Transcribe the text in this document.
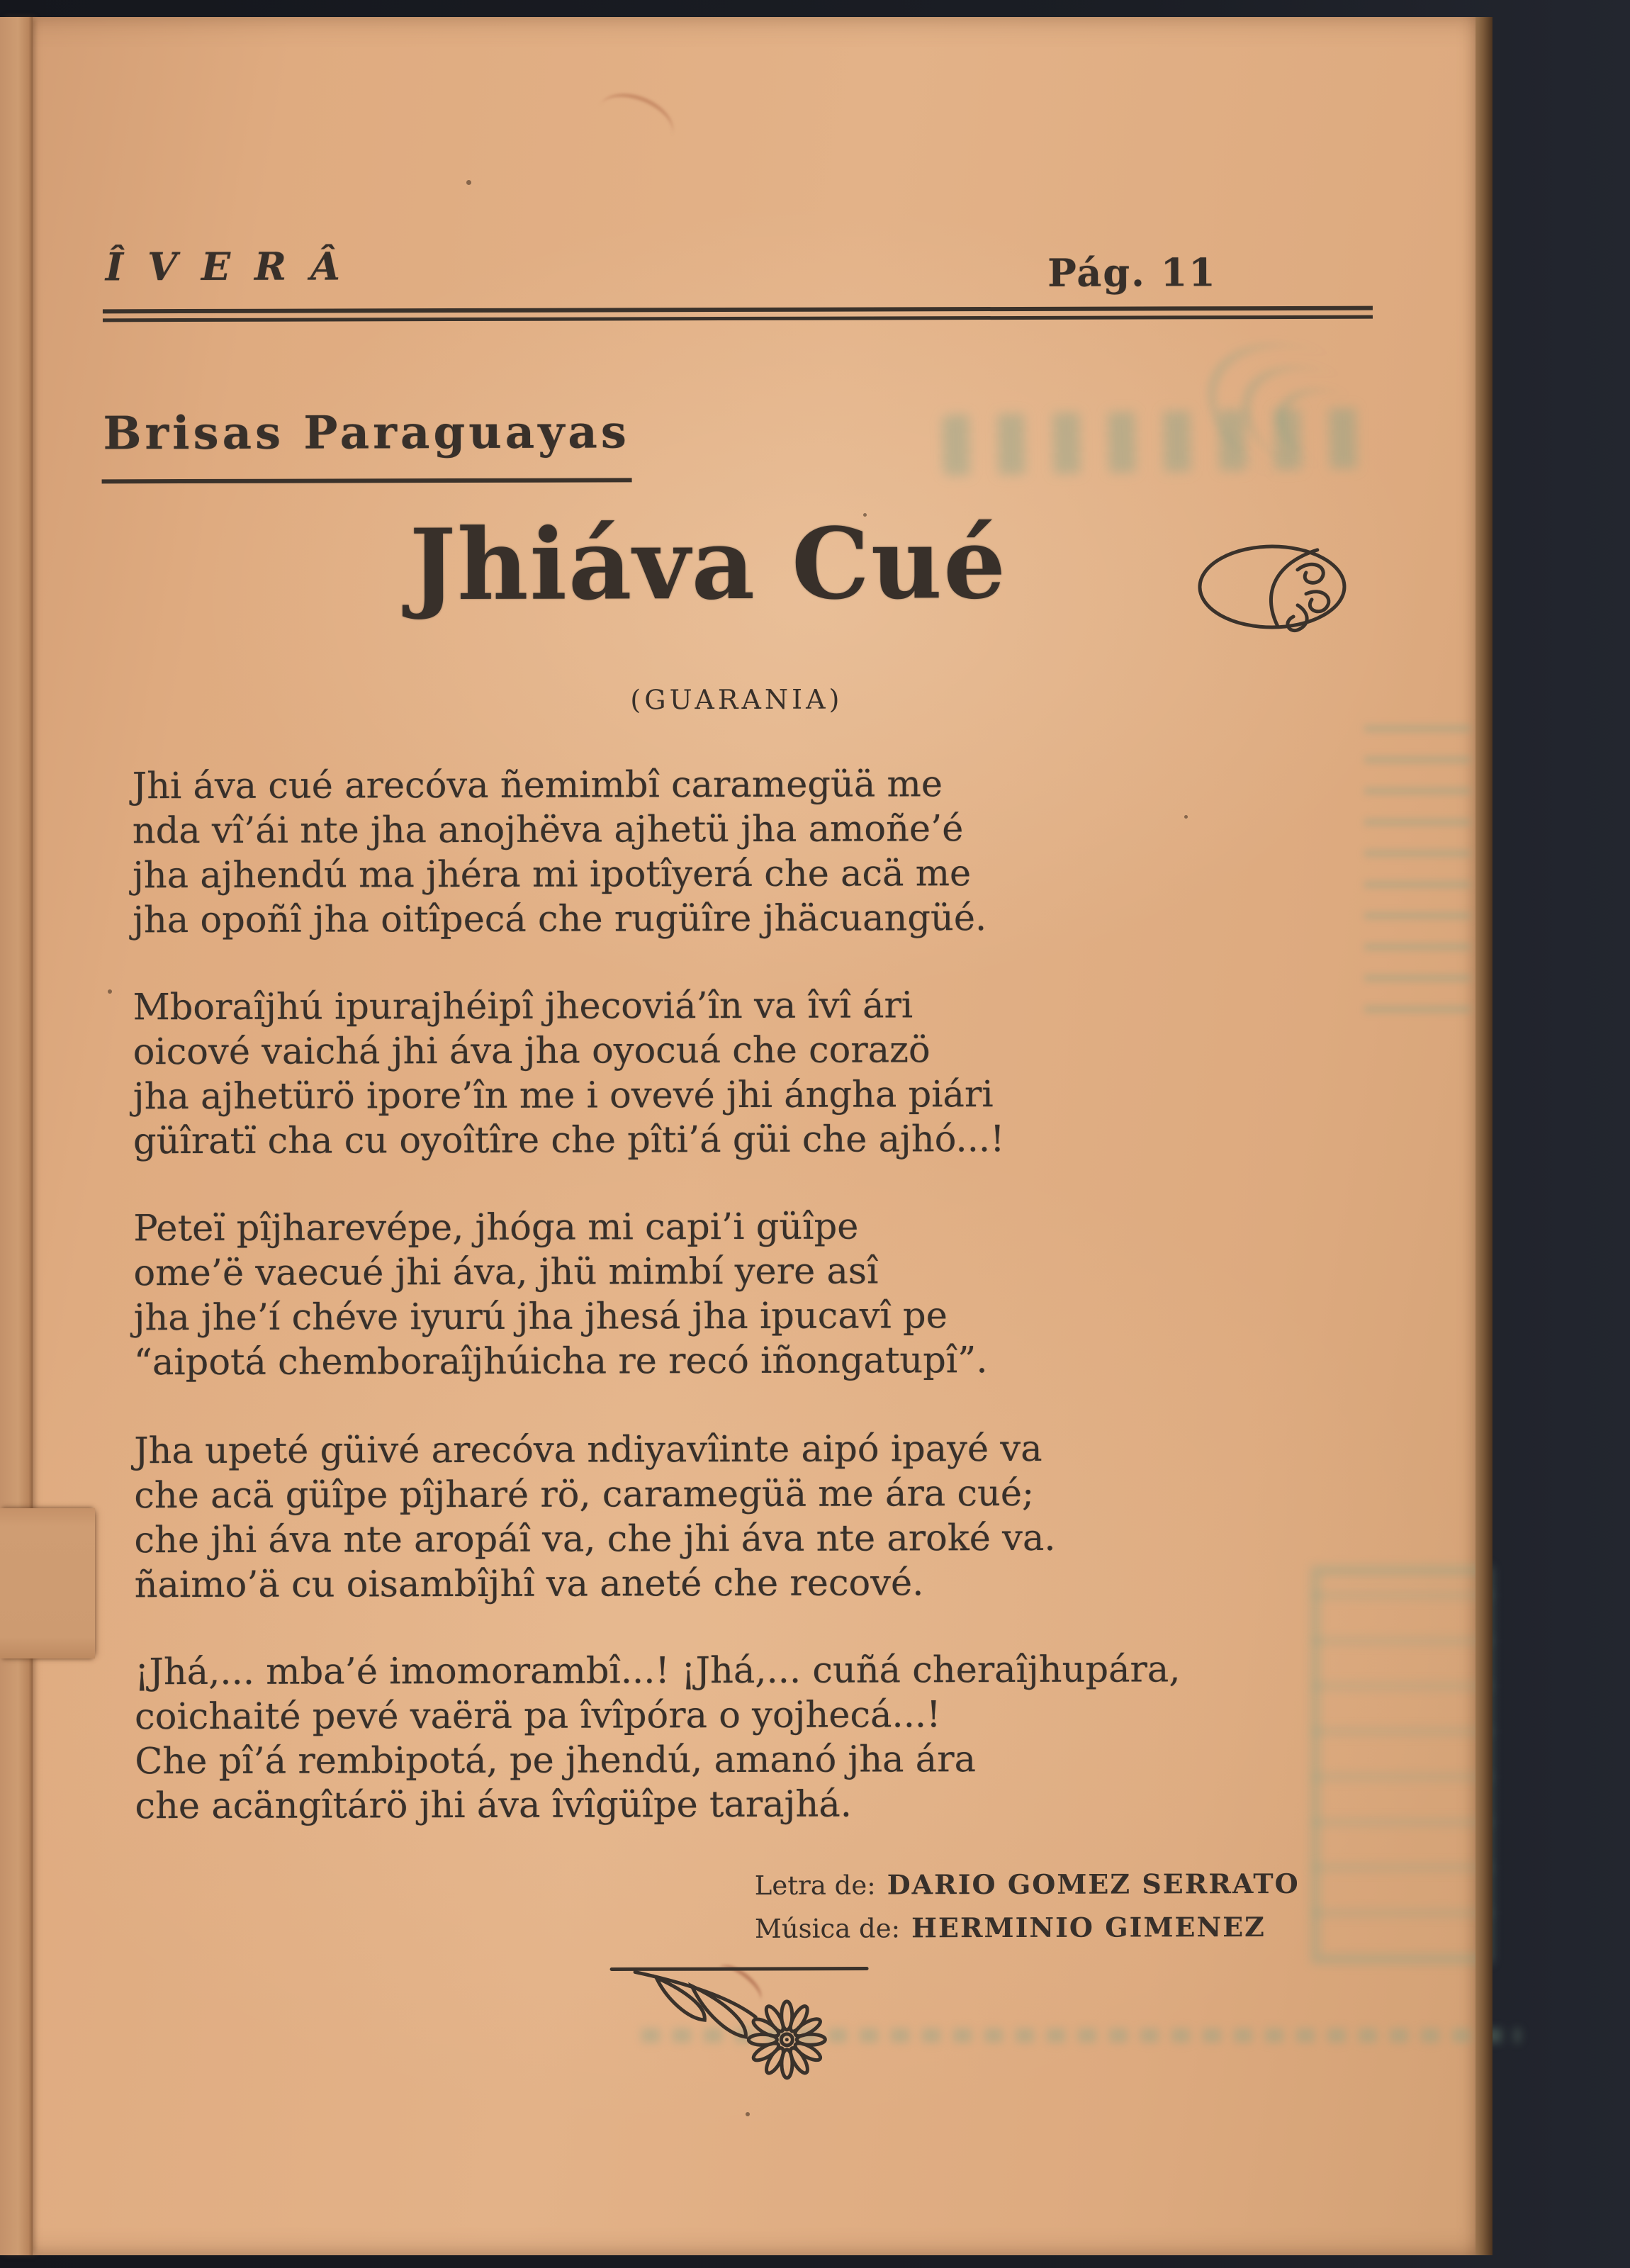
ÎVERÂ	Pág. 11
Brisas Paraguayas
Jhiáva Cué
(GUARANIA)
Jhi áva cué arecóva ñemimbî caramegüä me
nda vî’ái nte jha anojhëva ajhetü jha amoñe’é
jha ajhendú ma jhéra mi ipotîyerá che acä me
jha opoñî jha oitîpecá che rugüîre jhäcuangüé.
Mboraîjhú ipurajhéipî jhecoviá’în va îvî ári
oicové vaichá jhi áva jha oyocuá che corazö
jha ajhetürö ipore’în me i ovevé jhi ángha piári
güîratï cha cu oyoîtîre che pîti’á güi che ajhó...!
Peteï pîjharevépe, jhóga mi capi’i güîpe
ome’ë vaecué jhi áva, jhü mimbí yere asî
jha jhe’í chéve iyurú jha jhesá jha ipucavî pe
“aipotá chemboraîjhúicha re recó iñongatupî”.
Jha upeté güivé arecóva ndiyavîinte aipó ipayé va
che acä güîpe pîjharé rö, caramegüä me ára cué;
che jhi áva nte aropáî va, che jhi áva nte aroké va.
ñaimo’ä cu oisambîjhî va aneté che recové.
¡Jhá,... mba’é imomorambî...! ¡Jhá,... cuñá cheraîjhupára,
coichaité pevé vaërä pa îvîpóra o yojhecá...!
Che pî’á rembipotá, pe jhendú, amanó jha ára
che acängîtárö jhi áva îvîgüîpe tarajhá.
Letra de: DARIO GOMEZ SERRATO
Música de: HERMINIO GIMENEZ
